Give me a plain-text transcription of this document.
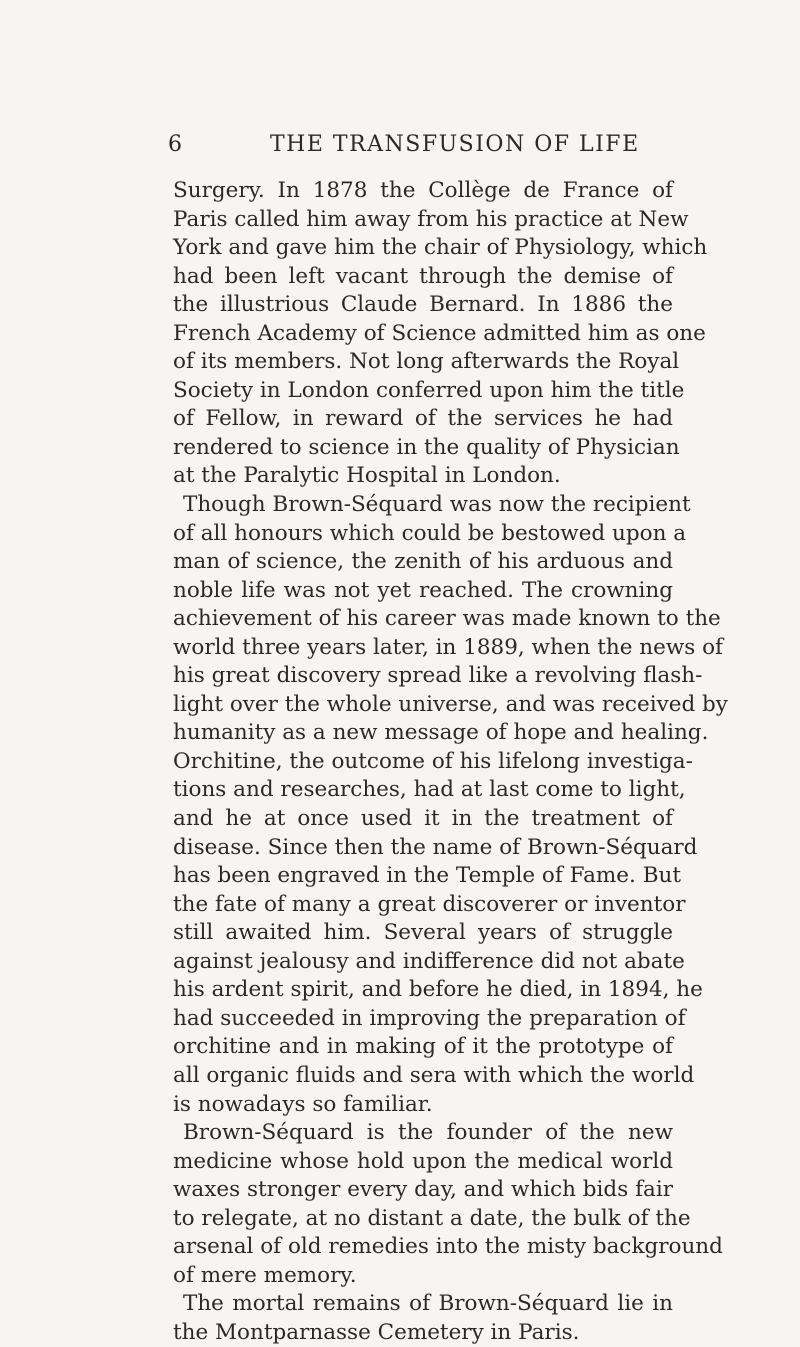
6	THE TRANSFUSION OF LIFE
Surgery. In 1878 the Collège de France of
Paris called him away from his practice at New
York and gave him the chair of Physiology, which
had been left vacant through the demise of
the illustrious Claude Bernard. In 1886 the
French Academy of Science admitted him as one
of its members. Not long afterwards the Royal
Society in London conferred upon him the title
of Fellow, in reward of the services he had
rendered to science in the quality of Physician
at the Paralytic Hospital in London.
Though Brown-Séquard was now the recipient
of all honours which could be bestowed upon a
man of science, the zenith of his arduous and
noble life was not yet reached. The crowning
achievement of his career was made known to the
world three years later, in 1889, when the news of
his great discovery spread like a revolving flash-
light over the whole universe, and was received by
humanity as a new message of hope and healing.
Orchitine, the outcome of his lifelong investiga-
tions and researches, had at last come to light,
and he at once used it in the treatment of
disease. Since then the name of Brown-Séquard
has been engraved in the Temple of Fame. But
the fate of many a great discoverer or inventor
still awaited him. Several years of struggle
against jealousy and indifference did not abate
his ardent spirit, and before he died, in 1894, he
had succeeded in improving the preparation of
orchitine and in making of it the prototype of
all organic fluids and sera with which the world
is nowadays so familiar.
Brown-Séquard is the founder of the new
medicine whose hold upon the medical world
waxes stronger every day, and which bids fair
to relegate, at no distant a date, the bulk of the
arsenal of old remedies into the misty background
of mere memory.
The mortal remains of Brown-Séquard lie in
the Montparnasse Cemetery in Paris.
